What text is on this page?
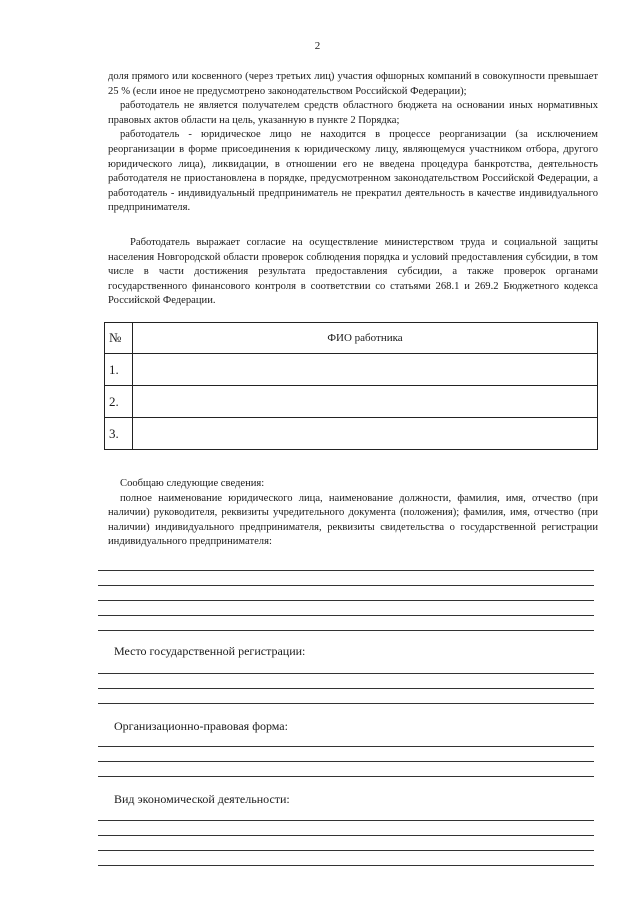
2

доля прямого или косвенного (через третьих лиц) участия офшорных компаний в совокупности превышает 25 % (если иное не предусмотрено законодательством Российской Федерации);

работодатель не является получателем средств областного бюджета на основании иных нормативных правовых актов области на цель, указанную в пункте 2 Порядка;

работодатель - юридическое лицо не находится в процессе реорганизации (за исключением реорганизации в форме присоединения к юридическому лицу, являющемуся участником отбора, другого юридического лица), ликвидации, в отношении его не введена процедура банкротства, деятельность работодателя не приостановлена в порядке, предусмотренном законодательством Российской Федерации, а работодатель - индивидуальный предприниматель не прекратил деятельность в качестве индивидуального предпринимателя.

Работодатель выражает согласие на осуществление министерством труда и социальной защиты населения Новгородской области проверок соблюдения порядка и условий предоставления субсидии, в том числе в части достижения результата предоставления субсидии, а также проверок органами государственного финансового контроля в соответствии со статьями 268.1 и 269.2 Бюджетного кодекса Российской Федерации.

№	ФИО работника
1.	
2.	
3.	

Сообщаю следующие сведения:

полное наименование юридического лица, наименование должности, фамилия, имя, отчество (при наличии) руководителя, реквизиты учредительного документа (положения); фамилия, имя, отчество (при наличии) индивидуального предпринимателя, реквизиты свидетельства о государственной регистрации индивидуального предпринимателя:

Место государственной регистрации:
Организационно-правовая форма:
Вид экономической деятельности:
